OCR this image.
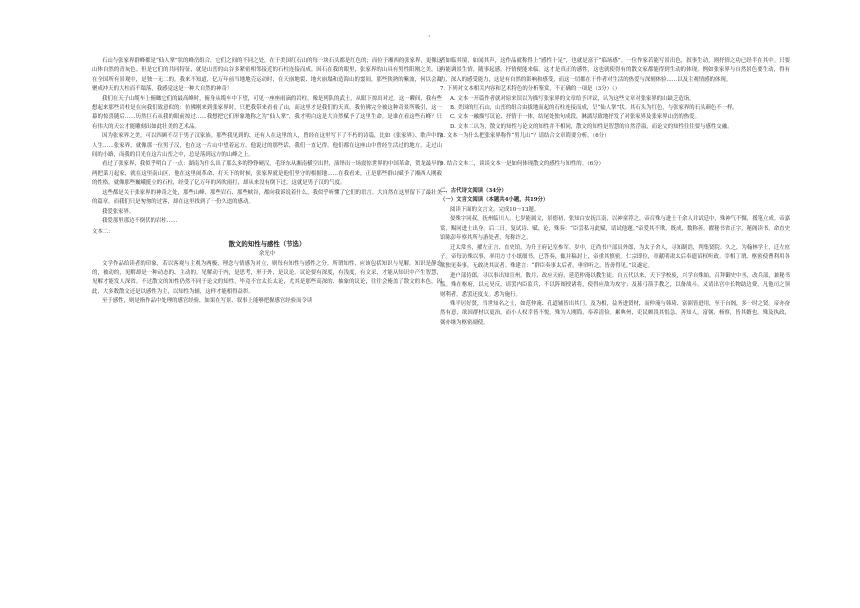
·

石山与张家界群峰都是“仙人掌”状的峰峦组合，它们之间的不同之处，在于美国红石山的每一块石头都是红色的；而位于湘西的张家界，更像这山体自然的青灰色。但是它们的共同特征，就是山峦的山谷多紧密相邻接近的石柱连接而成。因石在我的眼里，张家界的山具有男性阳刚之美，这在全国所有景观中，是独一无二的。我来不知道，亿万年前当地地壳运动时，在天崩地裂、地火崩塌和造海山的霎间，那些狭熟的紫波，何以会凝聚成冲天的大柱而不塌落，我感觉这是一种大自然的神奇！

我们在天子山缆车上俯瞰它们的最高峰时，俯身从缆车中下望，可见一座座雨滴的岩柱，像是列队的武士，从眼下掠出对过。这一瞬间，我有些想起来那些岩柱是在向我们致意似的：仿佛刚来到张家界时，只把我带来看看了山，而这里才是我们的天真。我仿佛完全被这种奇景所吸引，这一幕的惊喜随后……历然巨石从我的眼前掠过……我想把它们形象地称之为“仙人掌”，我才明白这是大自然赋予了这里生命。是谁在看这些石峰？只有伟大的天公才能雕刻出如此壮美的艺术品。

因为张家界之美，可以四顾不尽于男子汉家族。那些我见到的、还有人在这里的人，曾经在这里写下了不朽的诗篇，比如《张家界》、歌声中的人生……张家界，就像那一位男子汉，也在这一片山中望着远方，他说过的那些话，我们一直记得。他们都在这座山中曾经生活过的地方，走过山间的小路，而我的目光在这片山峦之中，总是落到远方的山峰之上。

看过了张家界，我似乎明白了一点：湖南为什么出了那么多的铮铮硬汉，毛泽东从湘南横空出世，演绎出一场震惊世界的中国革命，贺龙最早的两把菜刀起家，就在这里南山区，他在这里闹革命、打天下的时候，张家界就是他们坚守的根据地……在我看来，正是那些群山赋予了湘西人刚毅的性格。就像那些巍峨挺立的石柱，经受了亿万年的风吹雨打，却从来没有倒下过，这就是男子汉的气度。

这些都是关于张家界的神奇之处，那些山峰、那些岩石、那些峡谷，都向我诉说着什么，我似乎听懂了它们的语言。大自然在这里留下了最壮美的篇章，而我们只是匆匆的过客，却在这里找到了一份久违的感动。

我爱张家界。

我爱那里那边不倒伏的岩柱……

文本二：

散文的知性与感性（节选）

余光中

文学作品给读者的印象，若以客观与主观为两极，理念与情感为对立，则每有知性与感性之分。所谓知性，应该包括知识与见解。知识是静态的，被动的，见解却是一种动态的、主动的。见解动于内，是思考，形于外，是议论。议论要有深度，有浅度，有文采，才能从知识中产生智慧，见解才能发人深省。不过散文的知性仍然不同于论文的知性，毕竟不宜太长太论，尤其是那些高深的、抽象的议论，往往会掩盖了散文的本色，因此，大多数散文还是以感性为主，以知性为辅，这样才能相得益彰。

至于感性，则是指作品中处理的感官经验，如果在写景、叙事上能够把握感官经验而令读

者如临其境，如闻其声，这作品就称得上“感性十足”，也就是富于“临场感”。一位作家若能写景出色，叙事生动，则抒情之功已经半在其中。只要再能调景生情，随事起感，抒情便能来临。这才是真正的感性，这也就使得有的散文家都能得到生动的体现。例如张家界与自然景色要生动，得有力，深入的感受能力，这是有自然的影响和感受，而这一切都在于作者对生活的热爱与深刻体验……以及主观情感的体现。

7. 下列对文本相关内容和艺术特色的分析鉴赏，不正确的一项是（3分）（）

A. 文本一开篇作者就对原来误以为描写张家界的文章给予评议，认为这些文章对张家界的山缺乏造诣。

B. 美国的红石山，山峦的组合由拔地而起的石柱连接而成，呈“仙人掌”状。其石头为红色，与张家界的石头颜色不一样。

C. 文本一融描写议论、抒情于一体，结尾处独句成段，淋漓尽致地抒发了对张家界及张家界山峦的热爱。

D. 文本二认为，散文的知性与论文的知性并不相同，散文的知性是智慧的自然浮溢，而论文的知性往往要与感性交融。

8. 文本一为什么把张家界称作“男儿山”？请结合文章简要分析。（6分）

9. 结合文本二，谈谈文本一是如何体现散文的感性与知性的。（6分）

二、古代诗文阅读（34分）

（一）文言文阅读（本题共4小题，共19分）

阅读下面的文言文，完成10～13题。

晏殊字同叔，抚州临川人。七岁能属文，景德初，张知白安抚江南，以神童荐之。帝召殊与进士千余人并试廷中，殊神气不慑，援笔立成。帝嘉赏，赐同进士出身。后二日，复试诗、赋、论，殊奏：“臣尝私习此赋，请试他题。”帝爱其不欺，既成，数称善。擢秘书省正字，秘阁读书。命直史馆陈彭年察其所与游处者，每称许之。

迁太常丞，擢左正言、直史馆，为升王府记室参军。岁中，迁尚书户部员外郎，为太子舍人，寻知制诰，判集贤院。久之，为翰林学士，迁左庶子。帝每访殊以事，率用方寸小纸细书，已答奏，辄并稿封上，帝重其慎密。仁宗即位，章献明肃太后奉遗诏权听政。宰相丁谓、枢密使曹利用各欲独见奏事，无敢决其议者。殊建言：“群臣奏事太后者，垂帘听之，皆毋得见。”议遂定。

进户部侍郎，寻以事出知宣州。数月，改应天府，延范仲淹以教生徒。自五代以来，天下学校废，兴学自殊始。召拜御史中丞，改兵部，兼秘书监。殊在枢府，以元昊反，请罢内臣监兵，不以阵图授诸将，使得应敌为攻守；及募弓箭手教之，以备战斗。又请出宫中长物助边费，凡他司之领财利者，悉罢还度支。悉为施行。

殊平居好贤，当世知名之士，如范仲淹、孔道辅皆出其门。及为相，益务进贤材，而仲淹与韩琦、富弼皆进用，至于台阁，多一时之贤。帝亦奋然有意，欲因群材以更治，而小人权幸皆不悦。殊为人刚简，奉养清俭。累典州，吏民颇畏其悁急。善知人，富弼、杨察，皆其婿也。殊及执政，弼亦继为枢密副使。
